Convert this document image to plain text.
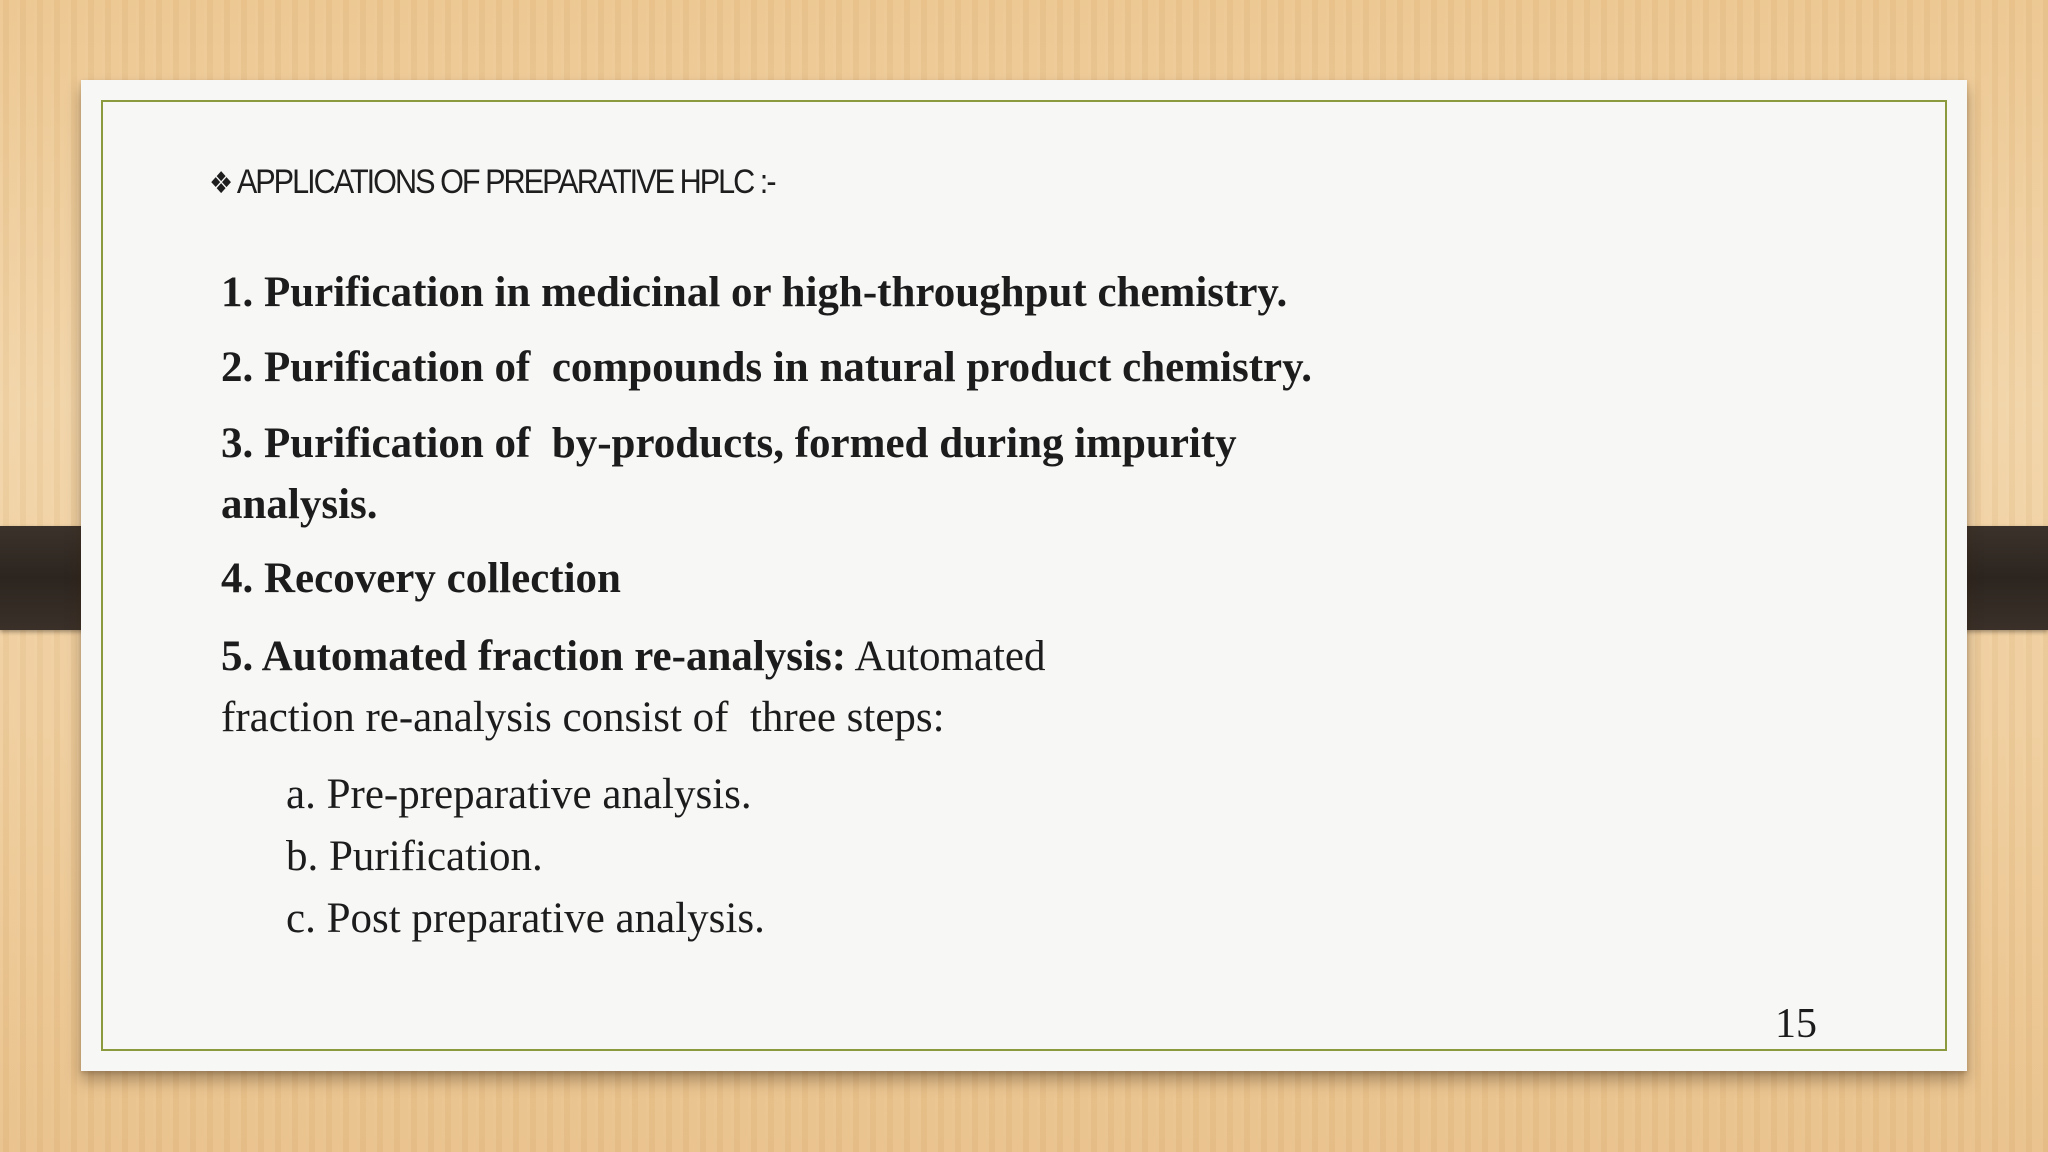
❖ APPLICATIONS OF PREPARATIVE HPLC :-
1. Purification in medicinal or high-throughput chemistry.
2. Purification of  compounds in natural product chemistry.
3. Purification of  by-products, formed during impurity
analysis.
4. Recovery collection
5. Automated fraction re-analysis: Automated
fraction re-analysis consist of  three steps:
a. Pre-preparative analysis.
b. Purification.
c. Post preparative analysis.
15
